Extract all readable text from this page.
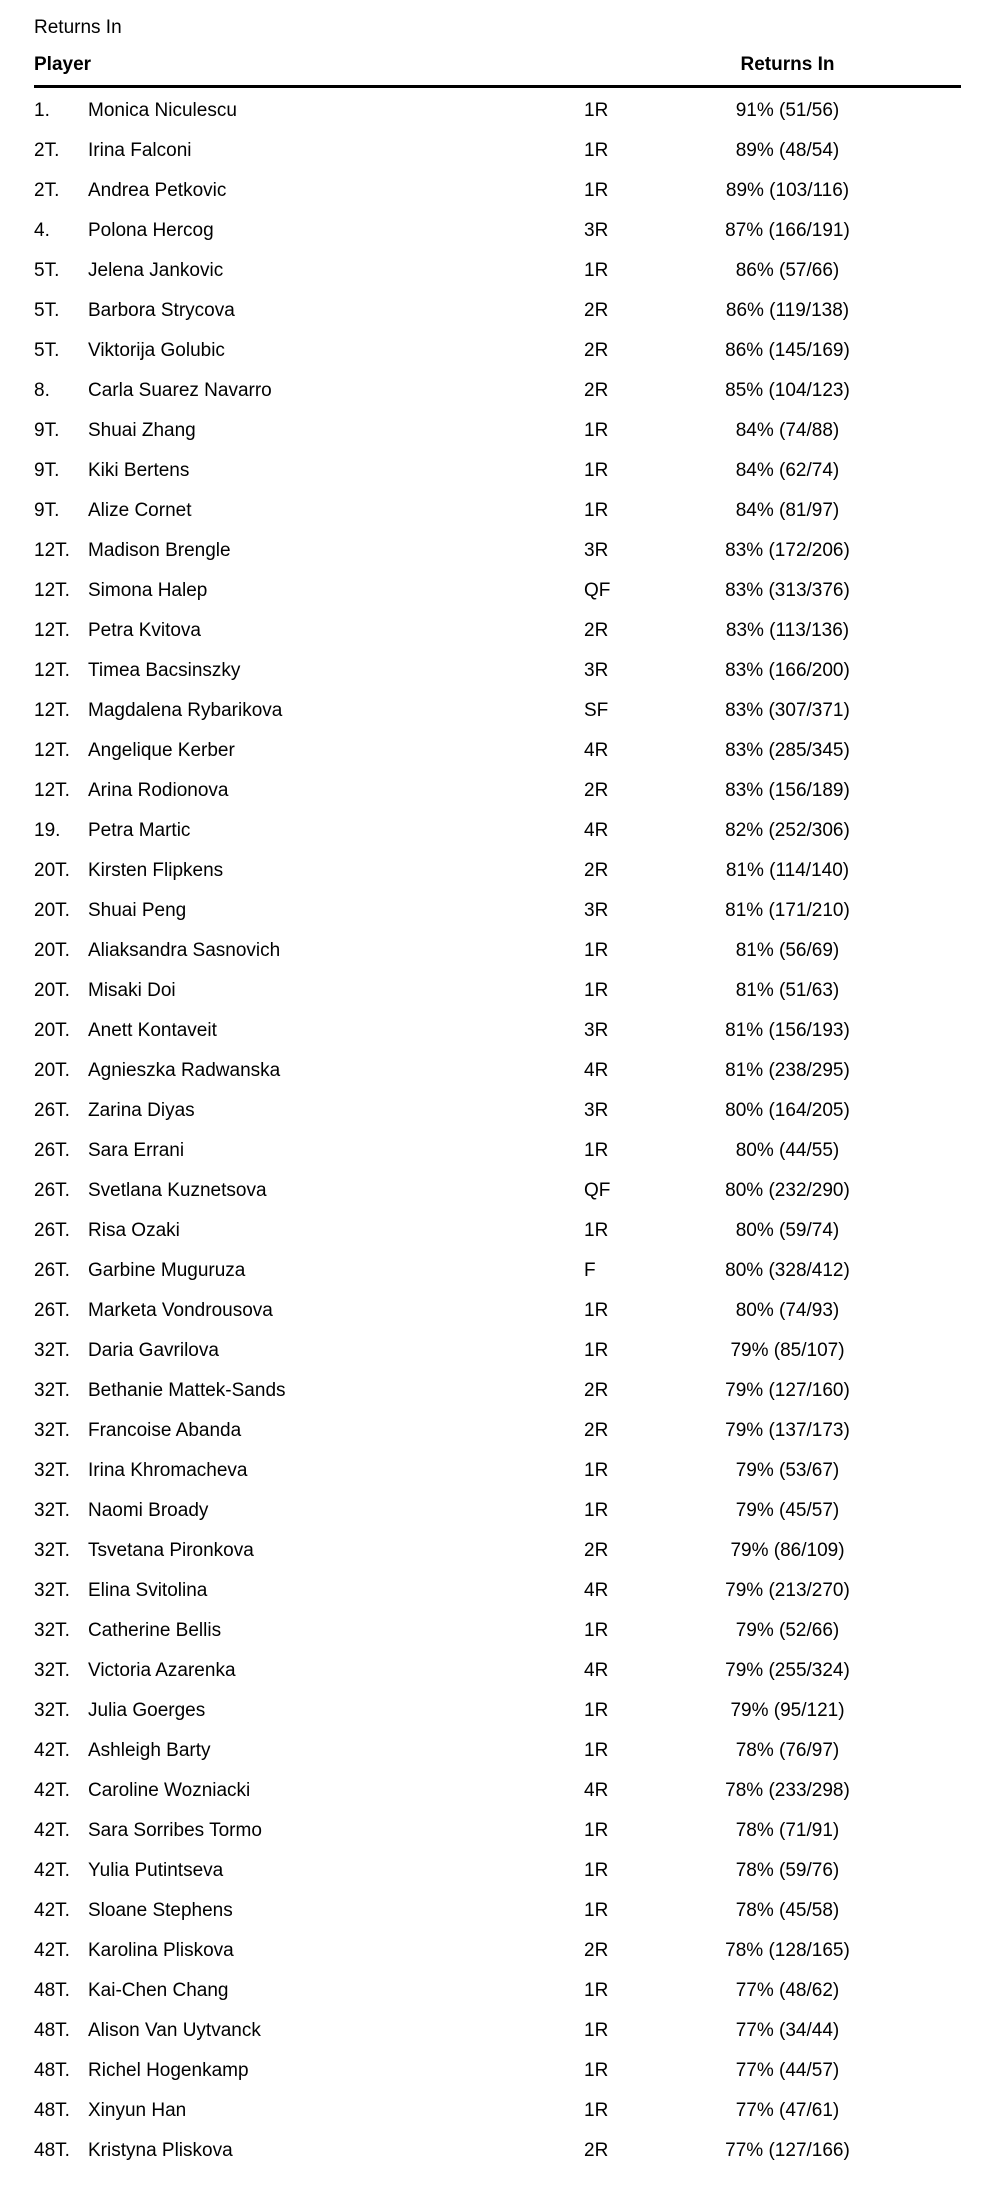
Returns In
Player	Returns In
1.	Monica Niculescu	1R	91% (51/56)
2T.	Irina Falconi	1R	89% (48/54)
2T.	Andrea Petkovic	1R	89% (103/116)
4.	Polona Hercog	3R	87% (166/191)
5T.	Jelena Jankovic	1R	86% (57/66)
5T.	Barbora Strycova	2R	86% (119/138)
5T.	Viktorija Golubic	2R	86% (145/169)
8.	Carla Suarez Navarro	2R	85% (104/123)
9T.	Shuai Zhang	1R	84% (74/88)
9T.	Kiki Bertens	1R	84% (62/74)
9T.	Alize Cornet	1R	84% (81/97)
12T. Madison Brengle	3R	83% (172/206)
12T. Simona Halep	QF	83% (313/376)
12T. Petra Kvitova	2R	83% (113/136)
12T. Timea Bacsinszky	3R	83% (166/200)
12T. Magdalena Rybarikova	SF	83% (307/371)
12T. Angelique Kerber	4R	83% (285/345)
12T. Arina Rodionova	2R	83% (156/189)
19.	Petra Martic	4R	82% (252/306)
20T. Kirsten Flipkens	2R	81% (114/140)
20T. Shuai Peng	3R	81% (171/210)
20T. Aliaksandra Sasnovich	1R	81% (56/69)
20T. Misaki Doi	1R	81% (51/63)
20T. Anett Kontaveit	3R	81% (156/193)
20T. Agnieszka Radwanska	4R	81% (238/295)
26T. Zarina Diyas	3R	80% (164/205)
26T. Sara Errani	1R	80% (44/55)
26T. Svetlana Kuznetsova	QF	80% (232/290)
26T. Risa Ozaki	1R	80% (59/74)
26T. Garbine Muguruza	F	80% (328/412)
26T. Marketa Vondrousova	1R	80% (74/93)
32T. Daria Gavrilova	1R	79% (85/107)
32T. Bethanie Mattek-Sands	2R	79% (127/160)
32T. Francoise Abanda	2R	79% (137/173)
32T. Irina Khromacheva	1R	79% (53/67)
32T. Naomi Broady	1R	79% (45/57)
32T. Tsvetana Pironkova	2R	79% (86/109)
32T. Elina Svitolina	4R	79% (213/270)
32T. Catherine Bellis	1R	79% (52/66)
32T. Victoria Azarenka	4R	79% (255/324)
32T. Julia Goerges	1R	79% (95/121)
42T. Ashleigh Barty	1R	78% (76/97)
42T. Caroline Wozniacki	4R	78% (233/298)
42T. Sara Sorribes Tormo	1R	78% (71/91)
42T. Yulia Putintseva	1R	78% (59/76)
42T. Sloane Stephens	1R	78% (45/58)
42T. Karolina Pliskova	2R	78% (128/165)
48T. Kai-Chen Chang	1R	77% (48/62)
48T. Alison Van Uytvanck	1R	77% (34/44)
48T. Richel Hogenkamp	1R	77% (44/57)
48T. Xinyun Han	1R	77% (47/61)
48T. Kristyna Pliskova	2R	77% (127/166)
